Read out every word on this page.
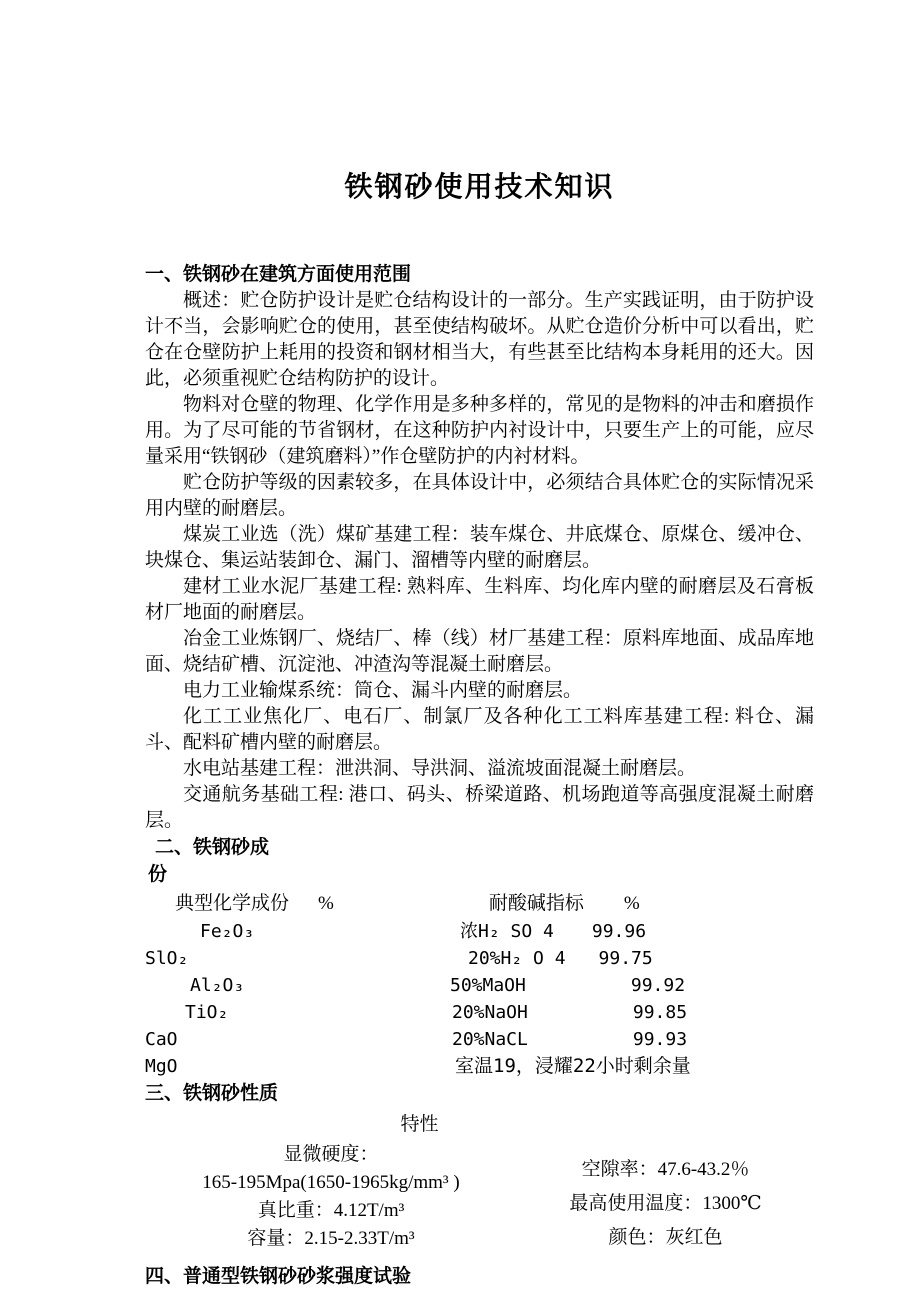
铁钢砂使用技术知识
一、铁钢砂在建筑方面使用范围

概述：贮仓防护设计是贮仓结构设计的一部分。生产实践证明，由于防护设计不当，会影响贮仓的使用，甚至使结构破坏。从贮仓造价分析中可以看出，贮仓在仓壁防护上耗用的投资和钢材相当大，有些甚至比结构本身耗用的还大。因此，必须重视贮仓结构防护的设计。

物料对仓壁的物理、化学作用是多种多样的，常见的是物料的冲击和磨损作用。为了尽可能的节省钢材，在这种防护内衬设计中，只要生产上的可能，应尽量采用“铁钢砂（建筑磨料）”作仓壁防护的内衬材料。

贮仓防护等级的因素较多，在具体设计中，必须结合具体贮仓的实际情况采用内壁的耐磨层。

煤炭工业选（洗）煤矿基建工程：装车煤仓、井底煤仓、原煤仓、缓冲仓、块煤仓、集运站装卸仓、漏门、溜槽等内壁的耐磨层。

建材工业水泥厂基建工程: 熟料库、生料库、均化库内壁的耐磨层及石膏板材厂地面的耐磨层。

冶金工业炼钢厂、烧结厂、棒（线）材厂基建工程：原料库地面、成品库地面、烧结矿槽、沉淀池、冲渣沟等混凝土耐磨层。

电力工业输煤系统：筒仓、漏斗内壁的耐磨层。

化工工业焦化厂、电石厂、制氯厂及各种化工工料库基建工程: 料仓、漏斗、配料矿槽内壁的耐磨层。

水电站基建工程：泄洪洞、导洪洞、溢流坡面混凝土耐磨层。

交通航务基础工程: 港口、码头、桥梁道路、机场跑道等高强度混凝土耐磨层。

二、铁钢砂成
份
典型化学成份 %	耐酸碱指标 %
Fe₂O₃	浓H₂ SO 4 99.96
SlO₂	20%H₂ O 4 99.75
Al₂O₃	50%MaOH	99.92
TiO₂	20%NaOH	99.85
CaO	20%NaCL	99.93
MgO	室温19，浸耀22小时剩余量
三、铁钢砂性质
特性
显微硬度：
165-195Mpa(1650-1965kg/mm³ )
真比重：4.12T/m³
容量：2.15-2.33T/m³
空隙率：47.6-43.2％
最高使用温度：1300℃
颜色：灰红色
四、普通型铁钢砂砂浆强度试验
